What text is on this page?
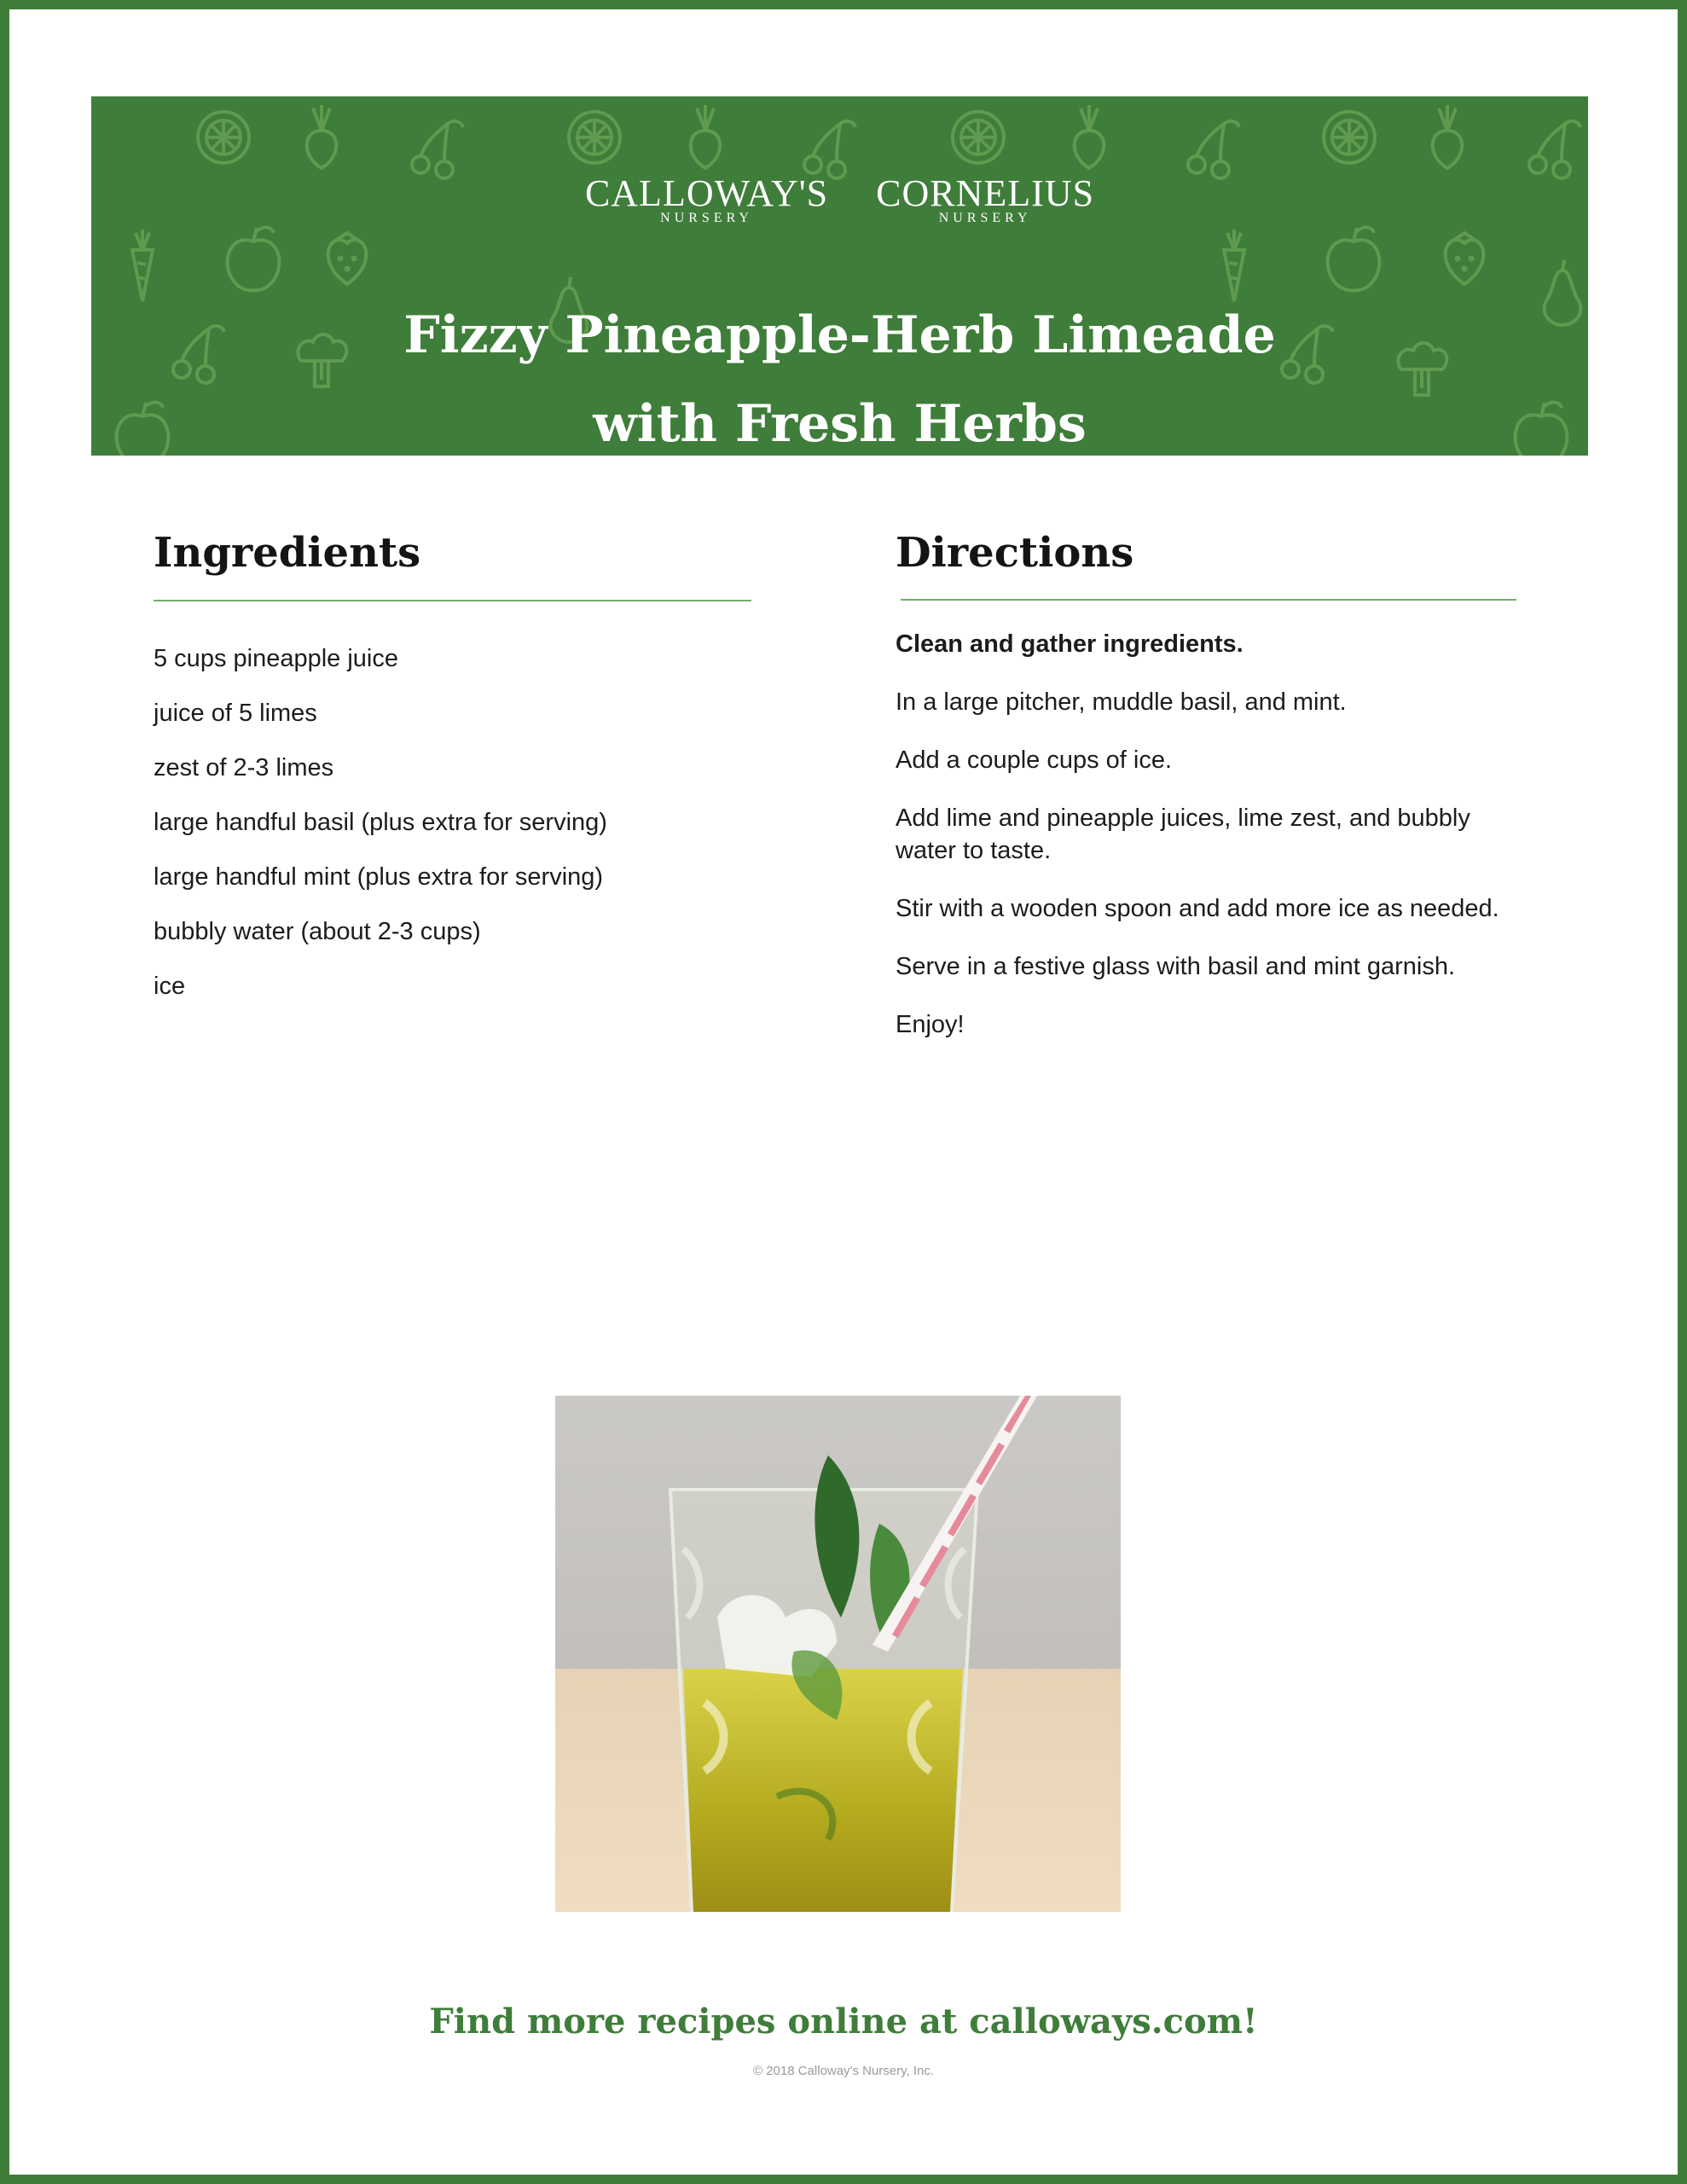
CALLOWAY'S
NURSERY
CORNELIUS
NURSERY
Fizzy Pineapple-Herb Limeade
with Fresh Herbs
Ingredients
5 cups pineapple juice
juice of 5 limes
zest of 2-3 limes
large handful basil (plus extra for serving)
large handful mint (plus extra for serving)
bubbly water (about 2-3 cups)
ice
Directions
Clean and gather ingredients.
In a large pitcher, muddle basil, and mint.
Add a couple cups of ice.
Add lime and pineapple juices, lime zest, and bubbly water to taste.
Stir with a wooden spoon and add more ice as needed.
Serve in a festive glass with basil and mint garnish.
Enjoy!
Find more recipes online at calloways.com!
© 2018 Calloway's Nursery, Inc.
